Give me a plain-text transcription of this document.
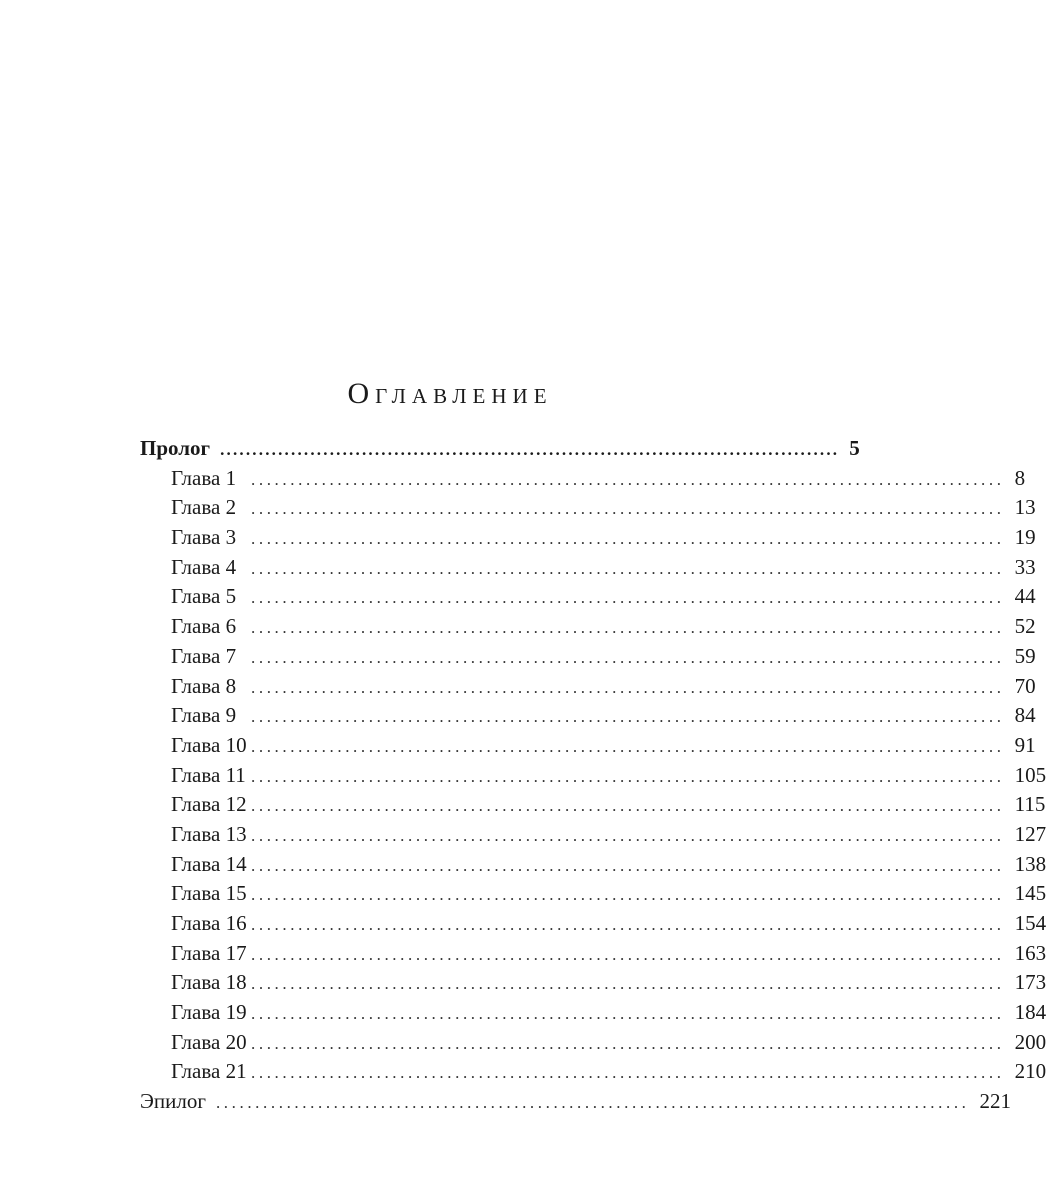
Оглавление
Пролог ................................................................................................ 5
Глава 1 ................................................................................................ 8
Глава 2 ................................................................................................ 13
Глава 3 ................................................................................................ 19
Глава 4 ................................................................................................ 33
Глава 5 ................................................................................................ 44
Глава 6 ................................................................................................ 52
Глава 7 ................................................................................................ 59
Глава 8 ................................................................................................ 70
Глава 9 ................................................................................................ 84
Глава 10 ................................................................................................ 91
Глава 11 ................................................................................................ 105
Глава 12 ................................................................................................ 115
Глава 13 ................................................................................................ 127
Глава 14 ................................................................................................ 138
Глава 15 ................................................................................................ 145
Глава 16 ................................................................................................ 154
Глава 17 ................................................................................................ 163
Глава 18 ................................................................................................ 173
Глава 19 ................................................................................................ 184
Глава 20 ................................................................................................ 200
Глава 21 ................................................................................................ 210
Эпилог ................................................................................................ 221
